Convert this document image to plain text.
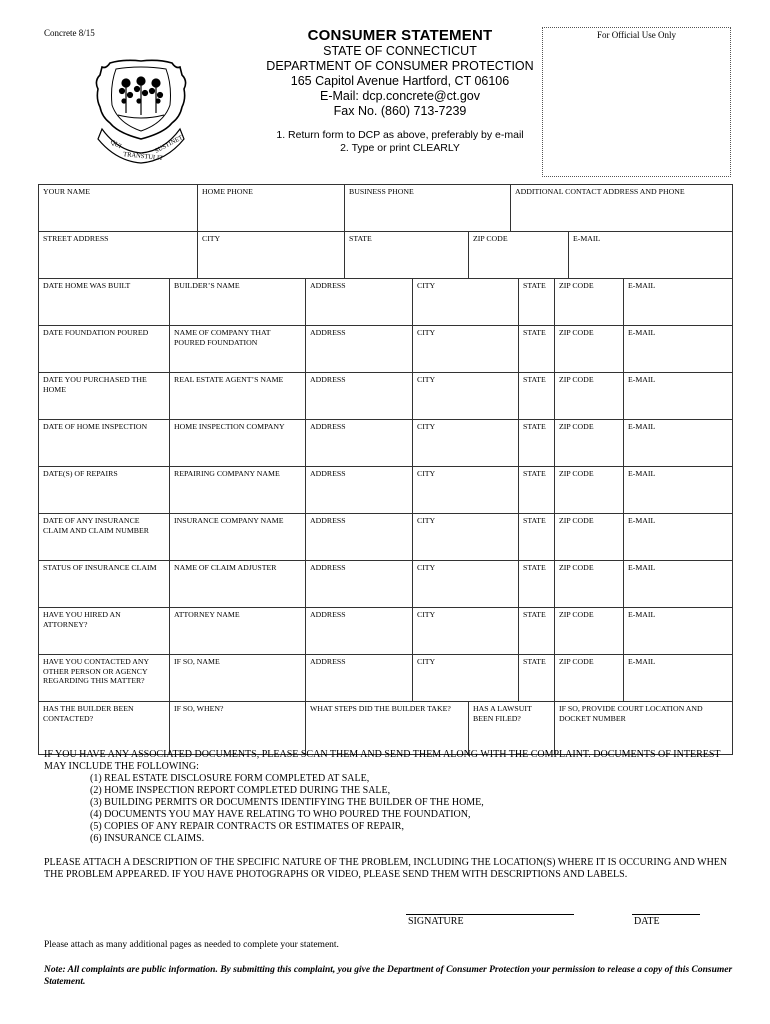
Concrete 8/15	CONSUMER STATEMENT
STATE OF CONNECTICUT
DEPARTMENT OF CONSUMER PROTECTION
165 Capitol Avenue Hartford, CT 06106
E-Mail: dcp.concrete@ct.gov
Fax No. (860) 713-7239
1. Return form to DCP as above, preferably by e-mail
2. Type or print CLEARLY
For Official Use Only
QUI
TRANSTULIT
SUSTINET
YOUR NAME		HOME PHONE		BUSINESS PHONE			ADDITIONAL CONTACT ADDRESS AND PHONE				
STREET ADDRESS		CITY		STATE		ZIP CODE				E-MAIL	
DATE HOME WAS BUILT	BUILDER’S NAME		ADDRESS		CITY			STATE	ZIP CODE		E-MAIL
DATE FOUNDATION POURED	NAME OF COMPANY THAT POURED FOUNDATION		ADDRESS		CITY			STATE	ZIP CODE		E-MAIL
DATE YOU PURCHASED THE HOME	REAL ESTATE AGENT’S NAME		ADDRESS		CITY			STATE	ZIP CODE		E-MAIL
DATE OF HOME INSPECTION	HOME INSPECTION COMPANY		ADDRESS		CITY			STATE	ZIP CODE		E-MAIL
DATE(S) OF REPAIRS	REPAIRING COMPANY NAME		ADDRESS		CITY			STATE	ZIP CODE		E-MAIL
DATE OF ANY INSURANCE CLAIM AND CLAIM NUMBER	INSURANCE COMPANY NAME		ADDRESS		CITY			STATE	ZIP CODE		E-MAIL
STATUS OF INSURANCE CLAIM	NAME OF CLAIM ADJUSTER		ADDRESS		CITY			STATE	ZIP CODE		E-MAIL
HAVE YOU HIRED AN ATTORNEY?	ATTORNEY NAME		ADDRESS		CITY			STATE	ZIP CODE		E-MAIL
HAVE YOU CONTACTED ANY OTHER PERSON OR AGENCY REGARDING THIS MATTER?	IF SO, NAME		ADDRESS		CITY			STATE	ZIP CODE		E-MAIL
HAS THE BUILDER BEEN CONTACTED?	IF SO, WHEN?		WHAT STEPS DID THE BUILDER TAKE?			HAS A LAWSUIT BEEN FILED?			IF SO, PROVIDE COURT LOCATION AND DOCKET NUMBER		

IF YOU HAVE ANY ASSOCIATED DOCUMENTS, PLEASE SCAN THEM AND SEND THEM ALONG WITH THE COMPLAINT. DOCUMENTS OF INTEREST MAY INCLUDE THE FOLLOWING:

(1) REAL ESTATE DISCLOSURE FORM COMPLETED AT SALE,
(2) HOME INSPECTION REPORT COMPLETED DURING THE SALE,
(3) BUILDING PERMITS OR DOCUMENTS IDENTIFYING THE BUILDER OF THE HOME,
(4) DOCUMENTS YOU MAY HAVE RELATING TO WHO POURED THE FOUNDATION,
(5) COPIES OF ANY REPAIR CONTRACTS OR ESTIMATES OF REPAIR,
(6) INSURANCE CLAIMS.

PLEASE ATTACH A DESCRIPTION OF THE SPECIFIC NATURE OF THE PROBLEM, INCLUDING THE LOCATION(S) WHERE IT IS OCCURING AND WHEN THE PROBLEM APPEARED. IF YOU HAVE PHOTOGRAPHS OR VIDEO, PLEASE SEND THEM WITH DESCRIPTIONS AND LABELS.

SIGNATURE	DATE
Please attach as many additional pages as needed to complete your statement.
Note: All complaints are public information. By submitting this complaint, you give the Department of Consumer Protection your permission to release a copy of this Consumer Statement.
